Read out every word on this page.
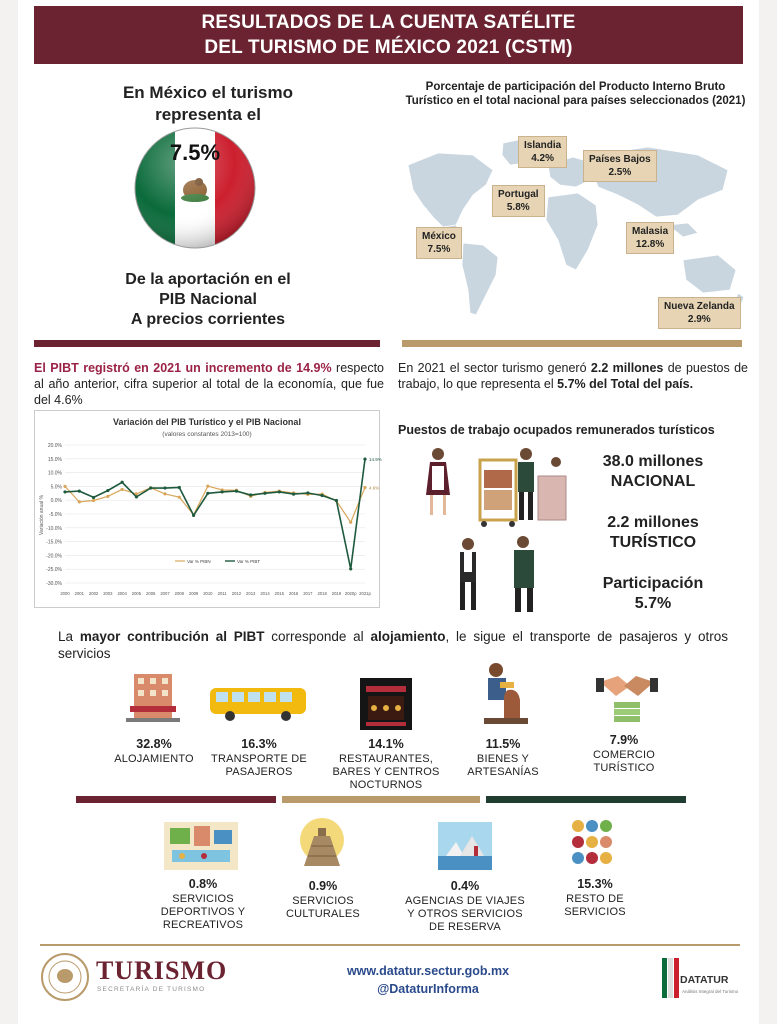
RESULTADOS DE LA CUENTA SATÉLITE
DEL TURISMO DE MÉXICO 2021 (CSTM)
En México el turismo
representa el
7.5%
De la aportación en el
PIB Nacional
A precios corrientes
Porcentaje de participación del Producto Interno Bruto Turístico en el total nacional para países seleccionados (2021)
Islandia
4.2%	Países Bajos
2.5%
Portugal
5.8%
México
7.5%
Malasia
12.8%
Nueva Zelanda
2.9%
El PIBT registró en 2021 un incremento de 14.9% respecto al año anterior, cifra superior al total de la economía, que fue del 4.6%
En 2021 el sector turismo generó 2.2 millones de puestos de trabajo, lo que representa el 5.7% del Total del país.
Variación del PIB Turístico y el PIB Nacional
(valores constantes 2013=100)
20.0%
15.0%
10.0%
5.0%
0.0%
-5.0%
-10.0%
-15.0%
-20.0%
-25.0%
-30.0%
Variación anual %
2000 2001 2002 2003 2004 2005 2006 2007 2008 2009 2010 2011 2012 2013 2014 2015 2016 2017 2018 2019 2020p 2021p
14.9%
4.6%
Var % PIBN	Var % PIBT
Puestos de trabajo ocupados remunerados turísticos
38.0 millones
NACIONAL
2.2 millones
TURÍSTICO
Participación
5.7%
La mayor contribución al PIBT corresponde al alojamiento, le sigue el transporte de pasajeros y otros servicios
32.8%
ALOJAMIENTO
16.3%
TRANSPORTE DE PASAJEROS
14.1%
RESTAURANTES, BARES Y CENTROS NOCTURNOS
11.5%
BIENES Y ARTESANÍAS
7.9%
COMERCIO TURÍSTICO
0.8%
SERVICIOS DEPORTIVOS Y RECREATIVOS
0.9%
SERVICIOS CULTURALES
0.4%
AGENCIAS DE VIAJES Y OTROS SERVICIOS DE RESERVA
15.3%
RESTO DE SERVICIOS
TURISMO
SECRETARÍA DE TURISMO
www.datatur.sectur.gob.mx
@DataturInforma
DATATUR
Análisis Integral del Turismo
